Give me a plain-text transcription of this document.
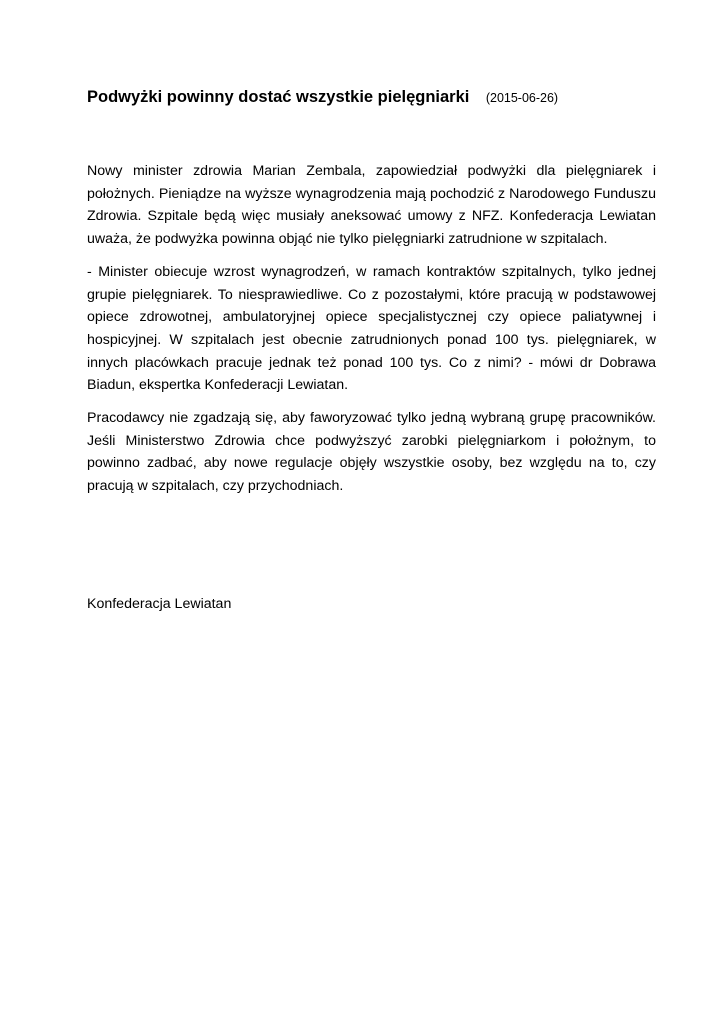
Podwyżki powinny dostać wszystkie pielęgniarki (2015-06-26)

Nowy minister zdrowia Marian Zembala, zapowiedział podwyżki dla pielęgniarek i położnych. Pieniądze na wyższe wynagrodzenia mają pochodzić z Narodowego Funduszu Zdrowia. Szpitale będą więc musiały aneksować umowy z NFZ. Konfederacja Lewiatan uważa, że podwyżka powinna objąć nie tylko pielęgniarki zatrudnione w szpitalach.

- Minister obiecuje wzrost wynagrodzeń, w ramach kontraktów szpitalnych, tylko jednej grupie pielęgniarek. To niesprawiedliwe. Co z pozostałymi, które pracują w podstawowej opiece zdrowotnej, ambulatoryjnej opiece specjalistycznej czy opiece paliatywnej i hospicyjnej. W szpitalach jest obecnie zatrudnionych ponad 100 tys. pielęgniarek, w innych placówkach pracuje jednak też ponad 100 tys. Co z nimi? - mówi dr Dobrawa Biadun, ekspertka Konfederacji Lewiatan.

Pracodawcy nie zgadzają się, aby faworyzować tylko jedną wybraną grupę pracowników. Jeśli Ministerstwo Zdrowia chce podwyższyć zarobki pielęgniarkom i położnym, to powinno zadbać, aby nowe regulacje objęły wszystkie osoby, bez względu na to, czy pracują w szpitalach, czy przychodniach.

Konfederacja Lewiatan
